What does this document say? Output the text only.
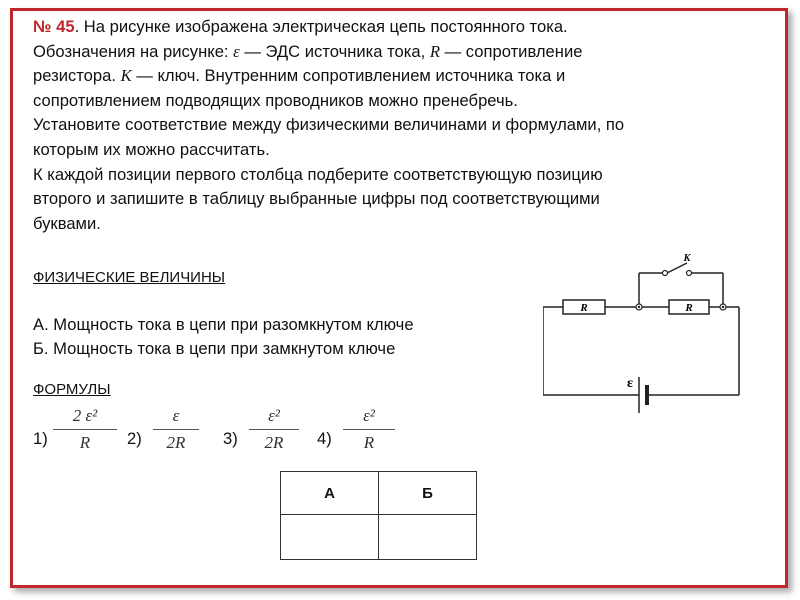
№ 45. На рисунке изображена электрическая цепь постоянного тока.

Обозначения на рисунке: ε — ЭДС источника тока, R — сопротивление

резистора. K — ключ. Внутренним сопротивлением источника тока и

сопротивлением подводящих проводников можно пренебречь.

Установите соответствие между физическими величинами и формулами, по

которым их можно рассчитать.

К каждой позиции первого столбца подберите соответствующую позицию

второго и запишите в таблицу выбранные цифры под соответствующими

буквами.

ФИЗИЧЕСКИЕ ВЕЛИЧИНЫ
А. Мощность тока в цепи при разомкнутом ключе
Б. Мощность тока в цепи при замкнутом ключе
ФОРМУЛЫ
1)
2 ε²
R	2)
ε
2R	3)
ε²
2R	4)
ε²
R
R	R
K
ε
А	Б
